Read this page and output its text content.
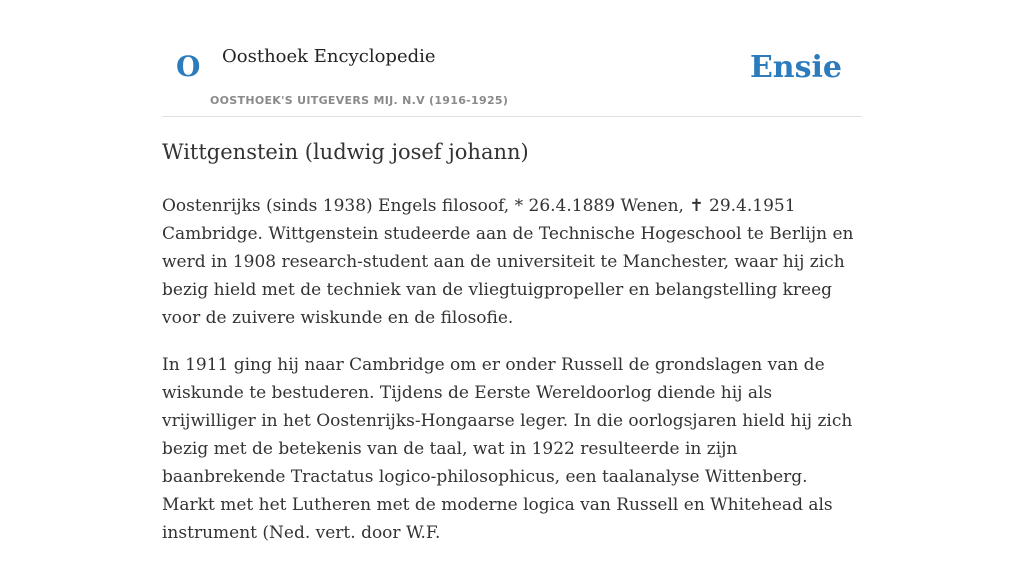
O Oosthoek Encyclopedie
OOSTHOEK'S UITGEVERS MIJ. N.V (1916-1925)
Ensie
Wittgenstein (ludwig josef johann)

Oostenrijks (sinds 1938) Engels filosoof, * 26.4.1889 Wenen, ✝ 29.4.1951 Cambridge. Wittgenstein studeerde aan de Technische Hogeschool te Berlijn en werd in 1908 research-student aan de universiteit te Manchester, waar hij zich bezig hield met de techniek van de vliegtuigpropeller en belangstelling kreeg voor de zuivere wiskunde en de filosofie.

In 1911 ging hij naar Cambridge om er onder Russell de grondslagen van de wiskunde te bestuderen. Tijdens de Eerste Wereldoorlog diende hij als vrijwilliger in het Oostenrijks-Hongaarse leger. In die oorlogsjaren hield hij zich bezig met de betekenis van de taal, wat in 1922 resulteerde in zijn baanbrekende Tractatus logico-philosophicus, een taalanalyse Wittenberg. Markt met het Lutheren met de moderne logica van Russell en Whitehead als instrument (Ned. vert. door W.F.
